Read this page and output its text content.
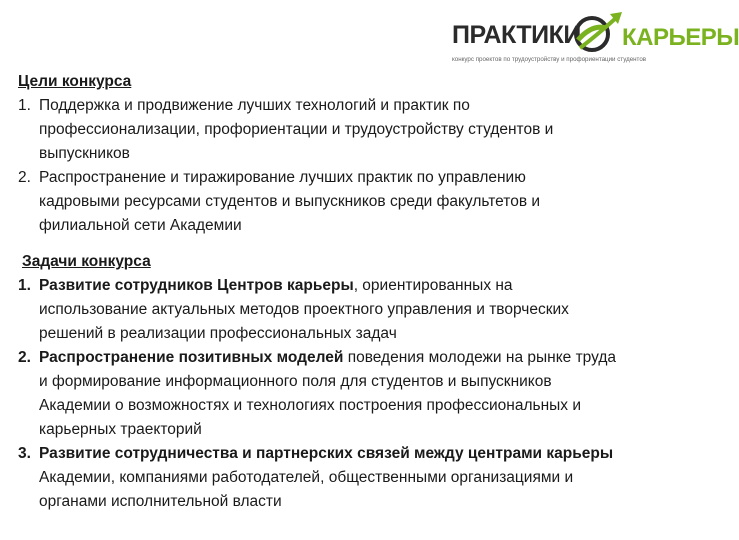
ПРАКТИКИ КАРЬЕРЫ
конкурс проектов по трудоустройству и профориентации студентов
Цели конкурса
1. Поддержка и продвижение лучших технологий и практик по
профессионализации, профориентации и трудоустройству студентов и
выпускников
2. Распространение и тиражирование лучших практик по управлению
кадровыми ресурсами студентов и выпускников среди факультетов и
филиальной сети Академии
Задачи конкурса
1. Развитие сотрудников Центров карьеры, ориентированных на
использование актуальных методов проектного управления и творческих
решений в реализации профессиональных задач
2. Распространение позитивных моделей поведения молодежи на рынке труда
и формирование информационного поля для студентов и выпускников
Академии о возможностях и технологиях построения профессиональных и
карьерных траекторий
3. Развитие сотрудничества и партнерских связей между центрами карьеры
Академии, компаниями работодателей, общественными организациями и
органами исполнительной власти
